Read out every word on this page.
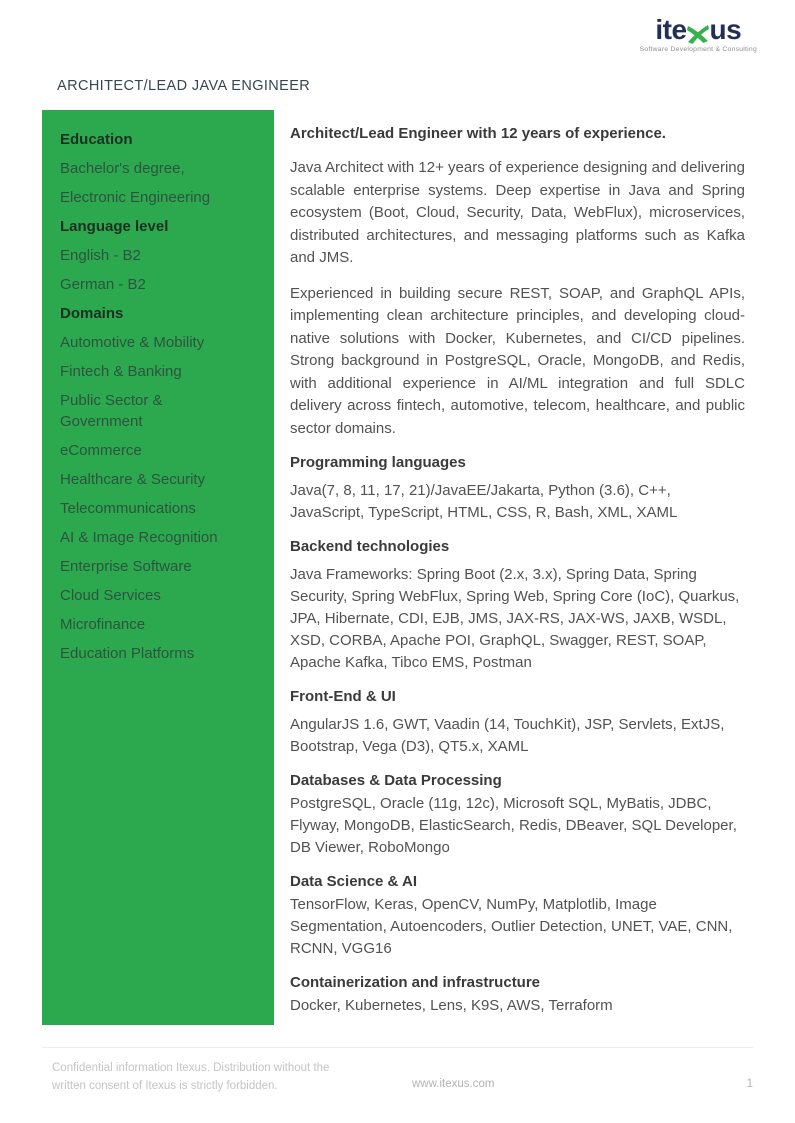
ite us
Software Development & Consulting
ARCHITECT/LEAD JAVA ENGINEER
Education
Bachelor's degree,
Electronic Engineering
Language level
English - B2
German - B2
Domains
Automotive & Mobility
Fintech & Banking
Public Sector & Government
eCommerce
Healthcare & Security
Telecommunications
AI & Image Recognition
Enterprise Software
Cloud Services
Microfinance
Education Platforms
Architect/Lead Engineer with 12 years of experience.

Java Architect with 12+ years of experience designing and delivering scalable enterprise systems. Deep expertise in Java and Spring ecosystem (Boot, Cloud, Security, Data, WebFlux), microservices, distributed architectures, and messaging platforms such as Kafka and JMS.

Experienced in building secure REST, SOAP, and GraphQL APIs, implementing clean architecture principles, and developing cloud-native solutions with Docker, Kubernetes, and CI/CD pipelines. Strong background in PostgreSQL, Oracle, MongoDB, and Redis, with additional experience in AI/ML integration and full SDLC delivery across fintech, automotive, telecom, healthcare, and public sector domains.

Programming languages

Java(7, 8, 11, 17, 21)/JavaEE/Jakarta, Python (3.6), C++, JavaScript, TypeScript, HTML, CSS, R, Bash, XML, XAML

Backend technologies

Java Frameworks: Spring Boot (2.x, 3.x), Spring Data, Spring Security, Spring WebFlux, Spring Web, Spring Core (IoC), Quarkus, JPA, Hibernate, CDI, EJB, JMS, JAX-RS, JAX-WS, JAXB, WSDL, XSD, CORBA, Apache POI, GraphQL, Swagger, REST, SOAP, Apache Kafka, Tibco EMS, Postman

Front-End & UI

AngularJS 1.6, GWT, Vaadin (14, TouchKit), JSP, Servlets, ExtJS, Bootstrap, Vega (D3), QT5.x, XAML

Databases & Data Processing

PostgreSQL, Oracle (11g, 12c), Microsoft SQL, MyBatis, JDBC, Flyway, MongoDB, ElasticSearch, Redis, DBeaver, SQL Developer, DB Viewer, RoboMongo

Data Science & AI

TensorFlow, Keras, OpenCV, NumPy, Matplotlib, Image Segmentation, Autoencoders, Outlier Detection, UNET, VAE, CNN, RCNN, VGG16

Containerization and infrastructure

Docker, Kubernetes, Lens, K9S, AWS, Terraform

Confidential information Itexus. Distribution without the written consent of Itexus is strictly forbidden.	www.itexus.com	1
